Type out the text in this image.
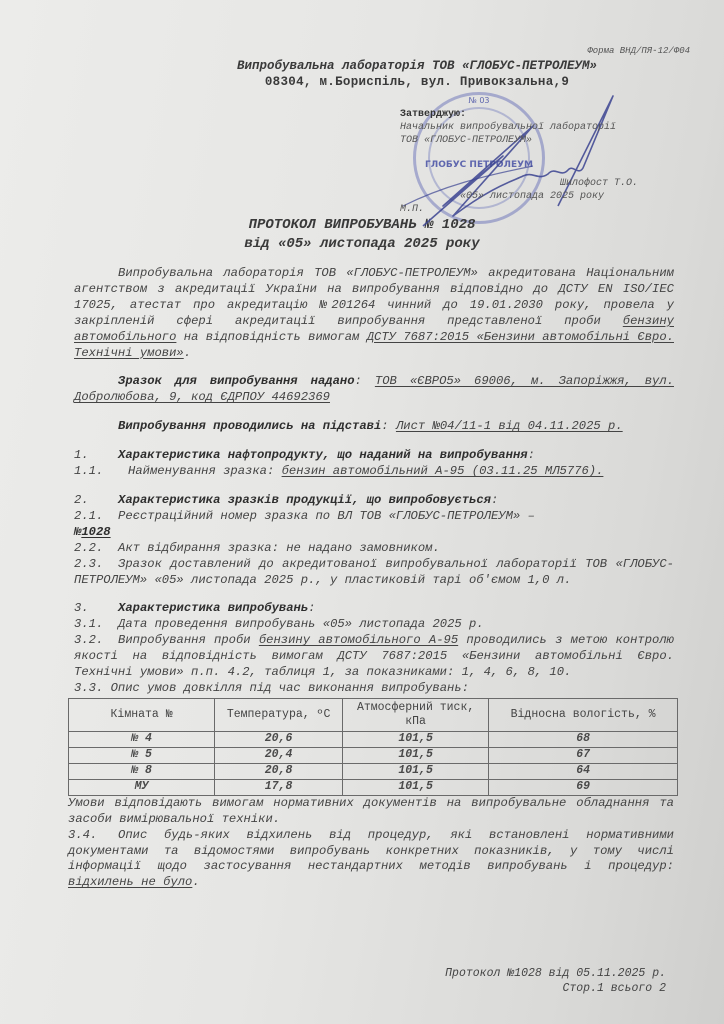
Форма ВНД/ПЯ-12/Ф04
Випробувальна лабораторія ТОВ «ГЛОБУС-ПЕТРОЛЕУМ»
08304, м.Бориспіль, вул. Привокзальна,9
№ 03
ГЛОБУС ПЕТРОЛЕУМ
Затверджую:
Начальник випробувальної лабораторії
ТОВ «ГЛОБУС-ПЕТРОЛЕУМ»
Шилофост Т.О.
«05» листопада 2025 року
М.П.
ПРОТОКОЛ ВИПРОБУВАНЬ № 1028
від «05» листопада 2025 року

Випробувальна лабораторія ТОВ «ГЛОБУС-ПЕТРОЛЕУМ» акредитована Національним агентством з акредитації України на випробування відповідно до ДСТУ EN ISO/IEC 17025, атестат про акредитацію №201264 чинний до 19.01.2030 року, провела у закріпленій сфері акредитації випробування представленої проби бензину автомобільного на відповідність вимогам ДСТУ 7687:2015 «Бензини автомобільні Євро. Технічні умови».

Зразок для випробування надано: ТОВ «ЄВРО5» 69006, м. Запоріжжя, вул. Добролюбова, 9, код ЄДРПОУ 44692369

Випробування проводились на підставі: Лист №04/11-1 від 04.11.2025 р.

1.	Характеристика нафтопродукту, що наданий на випробування:
1.1.	Найменування зразка: бензин автомобільний А-95 (03.11.25 МЛ5776).
2.	Характеристика зразків продукції, що випробовується:
2.1.	Реєстраційний номер зразка по ВЛ ТОВ «ГЛОБУС-ПЕТРОЛЕУМ» –
№1028
2.2.	Акт відбирання зразка: не надано замовником.

2.3. Зразок доставлений до акредитованої випробувальної лабораторії ТОВ «ГЛОБУС-ПЕТРОЛЕУМ» «05» листопада 2025 р., у пластиковій тарі об'ємом 1,0 л.

3.	Характеристика випробувань:
3.1.	Дата проведення випробувань «05» листопада 2025 р.

3.2. Випробування проби бензину автомобільного А-95 проводились з метою контролю якості на відповідність вимогам ДСТУ 7687:2015 «Бензини автомобільні Євро. Технічні умови» п.п. 4.2, таблиця 1, за показниками: 1, 4, 6, 8, 10.

3.3. Опис умов довкілля під час виконання випробувань:
Кімната №	Температура, ºС	Атмосферний тиск, кПа	Відносна вологість, %
№ 4	20,6	101,5	68
№ 5	20,4	101,5	67
№ 8	20,8	101,5	64
МУ	17,8	101,5	69

Умови відповідають вимогам нормативних документів на випробувальне обладнання та засоби вимірювальної техніки.

3.4. Опис будь-яких відхилень від процедур, які встановлені нормативними документами та відомостями випробувань конкретних показників, у тому числі інформації щодо застосування нестандартних методів випробувань і процедур: відхилень не було.

Протокол №1028 від 05.11.2025 р.
Стор.1 всього 2
